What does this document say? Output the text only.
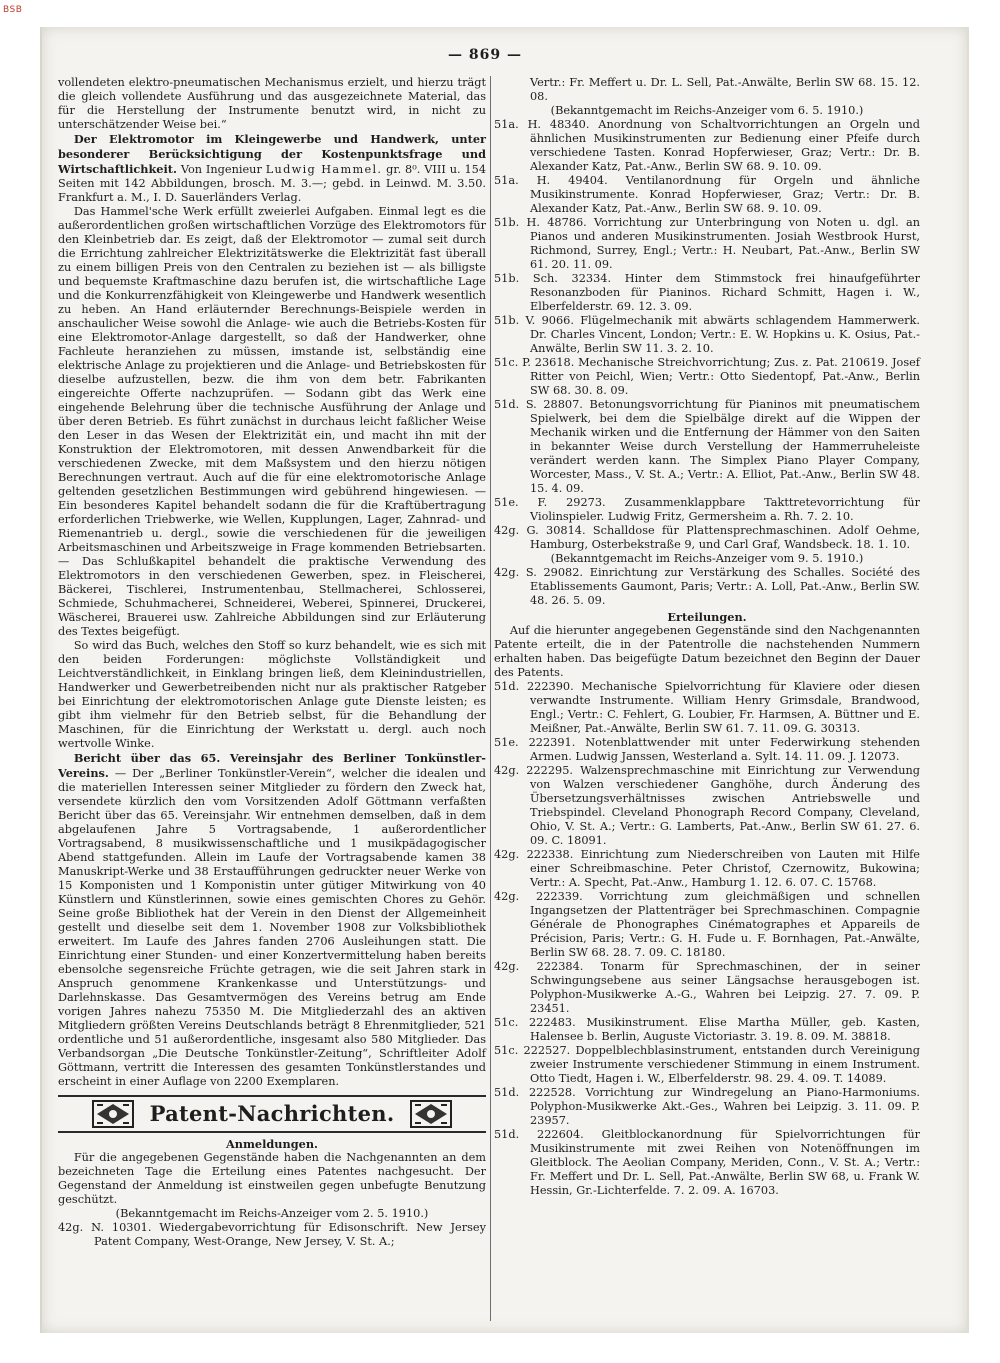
BSB
— 869 —

vollendeten elektro-pneumatischen Mechanismus erzielt, und hierzu trägt die gleich vollendete Ausführung und das ausgezeichnete Material, das für die Herstellung der Instrumente benutzt wird, in nicht zu unterschätzender Weise bei.“

Der Elektromotor im Kleingewerbe und Handwerk, unter besonderer Berücksichtigung der Kostenpunktsfrage und Wirtschaftlichkeit. Von Ingenieur Ludwig Hammel. gr. 8⁰. VIII u. 154 Seiten mit 142 Abbildungen, brosch. M. 3.—; gebd. in Leinwd. M. 3.50. Frankfurt a. M., I. D. Sauerländers Verlag.

Das Hammel'sche Werk erfüllt zweierlei Aufgaben. Einmal legt es die außerordentlichen großen wirtschaftlichen Vorzüge des Elektromotors für den Kleinbetrieb dar. Es zeigt, daß der Elektromotor — zumal seit durch die Errichtung zahlreicher Elektrizitätswerke die Elektrizität fast überall zu einem billigen Preis von den Centralen zu beziehen ist — als billigste und bequemste Kraftmaschine dazu berufen ist, die wirtschaftliche Lage und die Konkurrenzfähigkeit von Kleingewerbe und Handwerk wesentlich zu heben. An Hand erläuternder Berechnungs-Beispiele werden in anschaulicher Weise sowohl die Anlage- wie auch die Betriebs-Kosten für eine Elektromotor-Anlage dargestellt, so daß der Handwerker, ohne Fachleute heranziehen zu müssen, imstande ist, selbständig eine elektrische Anlage zu projektieren und die Anlage- und Betriebskosten für dieselbe aufzustellen, bezw. die ihm von dem betr. Fabrikanten eingereichte Offerte nachzuprüfen. — Sodann gibt das Werk eine eingehende Belehrung über die technische Ausführung der Anlage und über deren Betrieb. Es führt zunächst in durchaus leicht faßlicher Weise den Leser in das Wesen der Elektrizität ein, und macht ihn mit der Konstruktion der Elektromotoren, mit dessen Anwendbarkeit für die verschiedenen Zwecke, mit dem Maßsystem und den hierzu nötigen Berechnungen vertraut. Auch auf die für eine elektromotorische Anlage geltenden gesetzlichen Bestimmungen wird gebührend hingewiesen. — Ein besonderes Kapitel behandelt sodann die für die Kraftübertragung erforderlichen Triebwerke, wie Wellen, Kupplungen, Lager, Zahnrad- und Riemenantrieb u. dergl., sowie die verschiedenen für die jeweiligen Arbeitsmaschinen und Arbeitszweige in Frage kommenden Betriebsarten. — Das Schlußkapitel behandelt die praktische Verwendung des Elektromotors in den verschiedenen Gewerben, spez. in Fleischerei, Bäckerei, Tischlerei, Instrumentenbau, Stellmacherei, Schlosserei, Schmiede, Schuhmacherei, Schneiderei, Weberei, Spinnerei, Druckerei, Wäscherei, Brauerei usw. Zahlreiche Abbildungen sind zur Erläuterung des Textes beigefügt.

So wird das Buch, welches den Stoff so kurz behandelt, wie es sich mit den beiden Forderungen: möglichste Vollständigkeit und Leichtverständlichkeit, in Einklang bringen ließ, dem Kleinindustriellen, Handwerker und Gewerbetreibenden nicht nur als praktischer Ratgeber bei Einrichtung der elektromotorischen Anlage gute Dienste leisten; es gibt ihm vielmehr für den Betrieb selbst, für die Behandlung der Maschinen, für die Einrichtung der Werkstatt u. dergl. auch noch wertvolle Winke.

Bericht über das 65. Vereinsjahr des Berliner Tonkünstler-Vereins. — Der „Berliner Tonkünstler-Verein“, welcher die idealen und die materiellen Interessen seiner Mitglieder zu fördern den Zweck hat, versendete kürzlich den vom Vorsitzenden Adolf Göttmann verfaßten Bericht über das 65. Vereinsjahr. Wir entnehmen demselben, daß in dem abgelaufenen Jahre 5 Vortragsabende, 1 außerordentlicher Vortragsabend, 8 musikwissenschaftliche und 1 musikpädagogischer Abend stattgefunden. Allein im Laufe der Vortragsabende kamen 38 Manuskript-Werke und 38 Erstaufführungen gedruckter neuer Werke von 15 Komponisten und 1 Komponistin unter gütiger Mitwirkung von 40 Künstlern und Künstlerinnen, sowie eines gemischten Chores zu Gehör. Seine große Bibliothek hat der Verein in den Dienst der Allgemeinheit gestellt und dieselbe seit dem 1. November 1908 zur Volksbibliothek erweitert. Im Laufe des Jahres fanden 2706 Ausleihungen statt. Die Einrichtung einer Stunden- und einer Konzertvermittelung haben bereits ebensolche segensreiche Früchte getragen, wie die seit Jahren stark in Anspruch genommene Krankenkasse und Unterstützungs- und Darlehnskasse. Das Gesamtvermögen des Vereins betrug am Ende vorigen Jahres nahezu 75350 M. Die Mitgliederzahl des an aktiven Mitgliedern größten Vereins Deutschlands beträgt 8 Ehrenmitglieder, 521 ordentliche und 51 außerordentliche, insgesamt also 580 Mitglieder. Das Verbandsorgan „Die Deutsche Tonkünstler-Zeitung“, Schriftleiter Adolf Göttmann, vertritt die Interessen des gesamten Tonkünstlerstandes und erscheint in einer Auflage von 2200 Exemplaren.

Patent-Nachrichten.

Anmeldungen.

Für die angegebenen Gegenstände haben die Nachgenannten an dem bezeichneten Tage die Erteilung eines Patentes nachgesucht. Der Gegenstand der Anmeldung ist einstweilen gegen unbefugte Benutzung geschützt.

(Bekanntgemacht im Reichs-Anzeiger vom 2. 5. 1910.)

42g. N. 10301. Wiedergabevorrichtung für Edisonschrift. New Jersey Patent Company, West-Orange, New Jersey, V. St. A.;

Vertr.: Fr. Meffert u. Dr. L. Sell, Pat.-Anwälte, Berlin SW 68. 15. 12. 08.

(Bekanntgemacht im Reichs-Anzeiger vom 6. 5. 1910.)

51a. H. 48340. Anordnung von Schaltvorrichtungen an Orgeln und ähnlichen Musikinstrumenten zur Bedienung einer Pfeife durch verschiedene Tasten. Konrad Hopferwieser, Graz; Vertr.: Dr. B. Alexander Katz, Pat.-Anw., Berlin SW 68. 9. 10. 09.

51a. H. 49404. Ventilanordnung für Orgeln und ähnliche Musikinstrumente. Konrad Hopferwieser, Graz; Vertr.: Dr. B. Alexander Katz, Pat.-Anw., Berlin SW 68. 9. 10. 09.

51b. H. 48786. Vorrichtung zur Unterbringung von Noten u. dgl. an Pianos und anderen Musikinstrumenten. Josiah Westbrook Hurst, Richmond, Surrey, Engl.; Vertr.: H. Neubart, Pat.-Anw., Berlin SW 61. 20. 11. 09.

51b. Sch. 32334. Hinter dem Stimmstock frei hinaufgeführter Resonanzboden für Pianinos. Richard Schmitt, Hagen i. W., Elberfelderstr. 69. 12. 3. 09.

51b. V. 9066. Flügelmechanik mit abwärts schlagendem Hammerwerk. Dr. Charles Vincent, London; Vertr.: E. W. Hopkins u. K. Osius, Pat.-Anwälte, Berlin SW 11. 3. 2. 10.

51c. P. 23618. Mechanische Streichvorrichtung; Zus. z. Pat. 210619. Josef Ritter von Peichl, Wien; Vertr.: Otto Siedentopf, Pat.-Anw., Berlin SW 68. 30. 8. 09.

51d. S. 28807. Betonungsvorrichtung für Pianinos mit pneumatischem Spielwerk, bei dem die Spielbälge direkt auf die Wippen der Mechanik wirken und die Entfernung der Hämmer von den Saiten in bekannter Weise durch Verstellung der Hammerruheleiste verändert werden kann. The Simplex Piano Player Company, Worcester, Mass., V. St. A.; Vertr.: A. Elliot, Pat.-Anw., Berlin SW 48. 15. 4. 09.

51e. F. 29273. Zusammenklappbare Takttretevorrichtung für Violinspieler. Ludwig Fritz, Germersheim a. Rh. 7. 2. 10.

42g. G. 30814. Schalldose für Plattensprechmaschinen. Adolf Oehme, Hamburg, Osterbekstraße 9, und Carl Graf, Wandsbeck. 18. 1. 10.

(Bekanntgemacht im Reichs-Anzeiger vom 9. 5. 1910.)

42g. S. 29082. Einrichtung zur Verstärkung des Schalles. Société des Etablissements Gaumont, Paris; Vertr.: A. Loll, Pat.-Anw., Berlin SW. 48. 26. 5. 09.

Erteilungen.

Auf die hierunter angegebenen Gegenstände sind den Nachgenannten Patente erteilt, die in der Patentrolle die nachstehenden Nummern erhalten haben. Das beigefügte Datum bezeichnet den Beginn der Dauer des Patents.

51d. 222390. Mechanische Spielvorrichtung für Klaviere oder diesen verwandte Instrumente. William Henry Grimsdale, Brandwood, Engl.; Vertr.: C. Fehlert, G. Loubier, Fr. Harmsen, A. Büttner und E. Meißner, Pat.-Anwälte, Berlin SW 61. 7. 11. 09. G. 30313.

51e. 222391. Notenblattwender mit unter Federwirkung stehenden Armen. Ludwig Janssen, Westerland a. Sylt. 14. 11. 09. J. 12073.

42g. 222295. Walzensprechmaschine mit Einrichtung zur Verwendung von Walzen verschiedener Ganghöhe, durch Änderung des Übersetzungsverhältnisses zwischen Antriebswelle und Triebspindel. Cleveland Phonograph Record Company, Cleveland, Ohio, V. St. A.; Vertr.: G. Lamberts, Pat.-Anw., Berlin SW 61. 27. 6. 09. C. 18091.

42g. 222338. Einrichtung zum Niederschreiben von Lauten mit Hilfe einer Schreibmaschine. Peter Christof, Czernowitz, Bukowina; Vertr.: A. Specht, Pat.-Anw., Hamburg 1. 12. 6. 07. C. 15768.

42g. 222339. Vorrichtung zum gleichmäßigen und schnellen Ingangsetzen der Plattenträger bei Sprechmaschinen. Compagnie Générale de Phonographes Cinématographes et Appareils de Précision, Paris; Vertr.: G. H. Fude u. F. Bornhagen, Pat.-Anwälte, Berlin SW 68. 28. 7. 09. C. 18180.

42g. 222384. Tonarm für Sprechmaschinen, der in seiner Schwingungsebene aus seiner Längsachse herausgebogen ist. Polyphon-Musikwerke A.-G., Wahren bei Leipzig. 27. 7. 09. P. 23451.

51c. 222483. Musikinstrument. Elise Martha Müller, geb. Kasten, Halensee b. Berlin, Auguste Victoriastr. 3. 19. 8. 09. M. 38818.

51c. 222527. Doppelblechblasinstrument, entstanden durch Vereinigung zweier Instrumente verschiedener Stimmung in einem Instrument. Otto Tiedt, Hagen i. W., Elberfelderstr. 98. 29. 4. 09. T. 14089.

51d. 222528. Vorrichtung zur Windregelung an Piano-Harmoniums. Polyphon-Musikwerke Akt.-Ges., Wahren bei Leipzig. 3. 11. 09. P. 23957.

51d. 222604. Gleitblockanordnung für Spielvorrichtungen für Musikinstrumente mit zwei Reihen von Notenöffnungen im Gleitblock. The Aeolian Company, Meriden, Conn., V. St. A.; Vertr.: Fr. Meffert und Dr. L. Sell, Pat.-Anwälte, Berlin SW 68, u. Frank W. Hessin, Gr.-Lichterfelde. 7. 2. 09. A. 16703.
